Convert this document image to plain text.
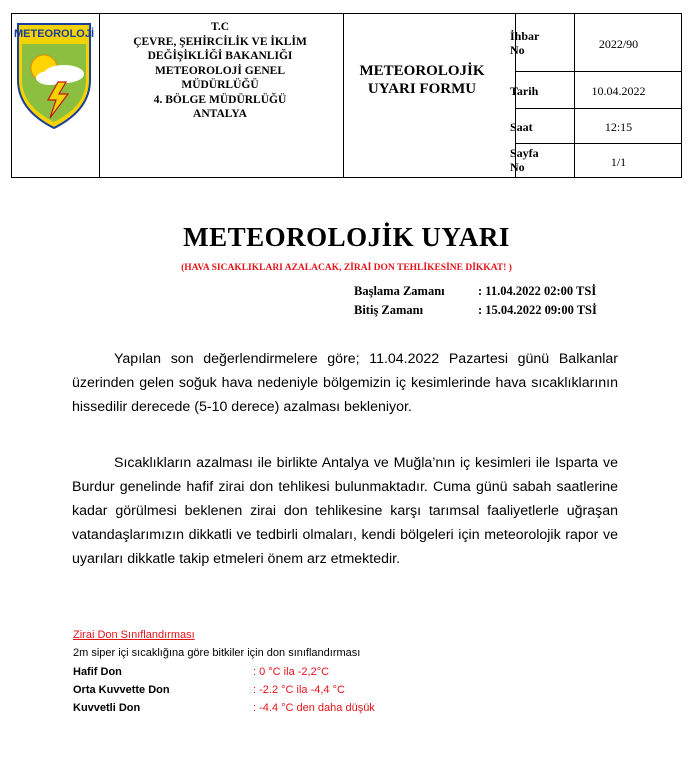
METEOROLOJİ
T.C
ÇEVRE, ŞEHİRCİLİK VE İKLİM
DEĞİŞİKLİĞİ BAKANLIĞI
METEOROLOJİ GENEL
MÜDÜRLÜĞÜ
4. BÖLGE MÜDÜRLÜĞÜ
ANTALYA
METEOROLOJİK
UYARI FORMU
İhbar
No	2022/90
Tarih	10.04.2022
Saat	12:15
Sayfa
No	1/1
METEOROLOJİK UYARI
(HAVA SICAKLIKLARI AZALACAK, ZİRAİ DON TEHLİKESİNE DİKKAT! )
Başlama Zamanı	: 11.04.2022 02:00 TSİ
Bitiş Zamanı	: 15.04.2022 09:00 TSİ
Yapılan son değerlendirmelere göre; 11.04.2022 Pazartesi günü Balkanlar üzerinden gelen soğuk hava nedeniyle bölgemizin iç kesimlerinde hava sıcaklıklarının hissedilir derecede (5-10 derece) azalması bekleniyor.
Sıcaklıkların azalması ile birlikte Antalya ve Muğla’nın iç kesimleri ile Isparta ve Burdur genelinde hafif zirai don tehlikesi bulunmaktadır. Cuma günü sabah saatlerine kadar görülmesi beklenen zirai don tehlikesine karşı tarımsal faaliyetlerle uğraşan vatandaşlarımızın dikkatli ve tedbirli olmaları, kendi bölgeleri için meteorolojik rapor ve uyarıları dikkatle takip etmeleri önem arz etmektedir.
Zirai Don Sınıflandırması
2m siper içi sıcaklığına göre bitkiler için don sınıflandırması
Hafif Don	: 0 °C ila -2,2°C
Orta Kuvvette Don	: -2.2 °C ila -4,4 °C
Kuvvetli Don	: -4.4 °C den daha düşük
